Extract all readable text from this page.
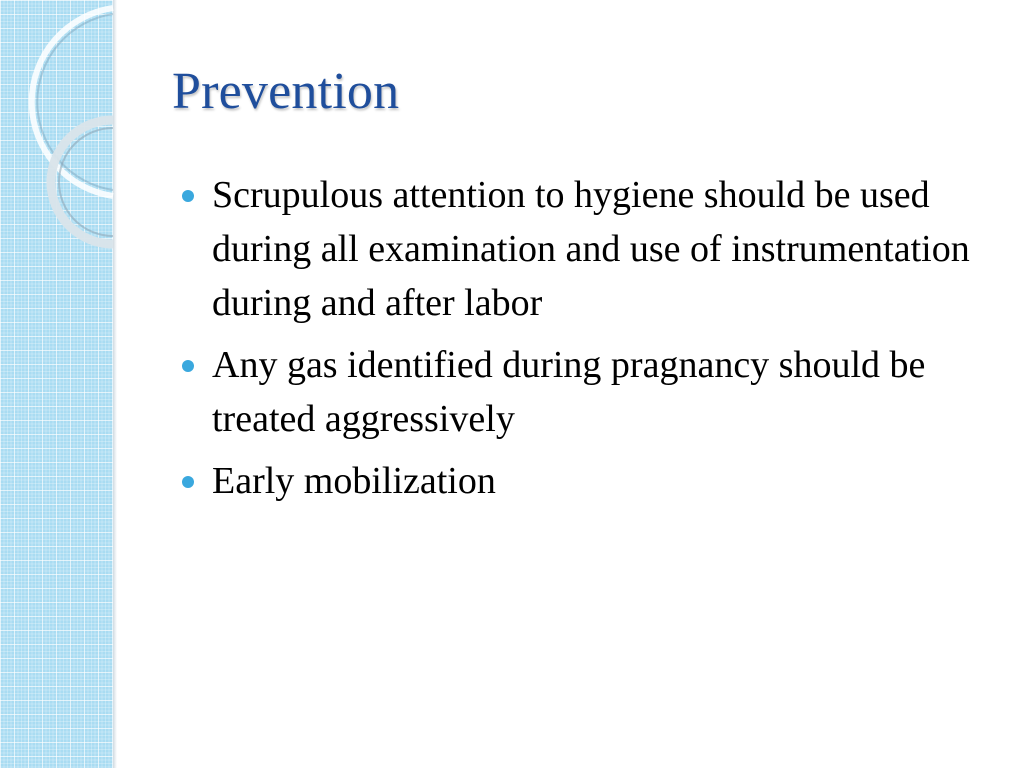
Prevention
Scrupulous attention to hygiene should be used during all examination and use of instrumentation during and after labor
Any gas identified during pragnancy should be treated aggressively
Early mobilization
